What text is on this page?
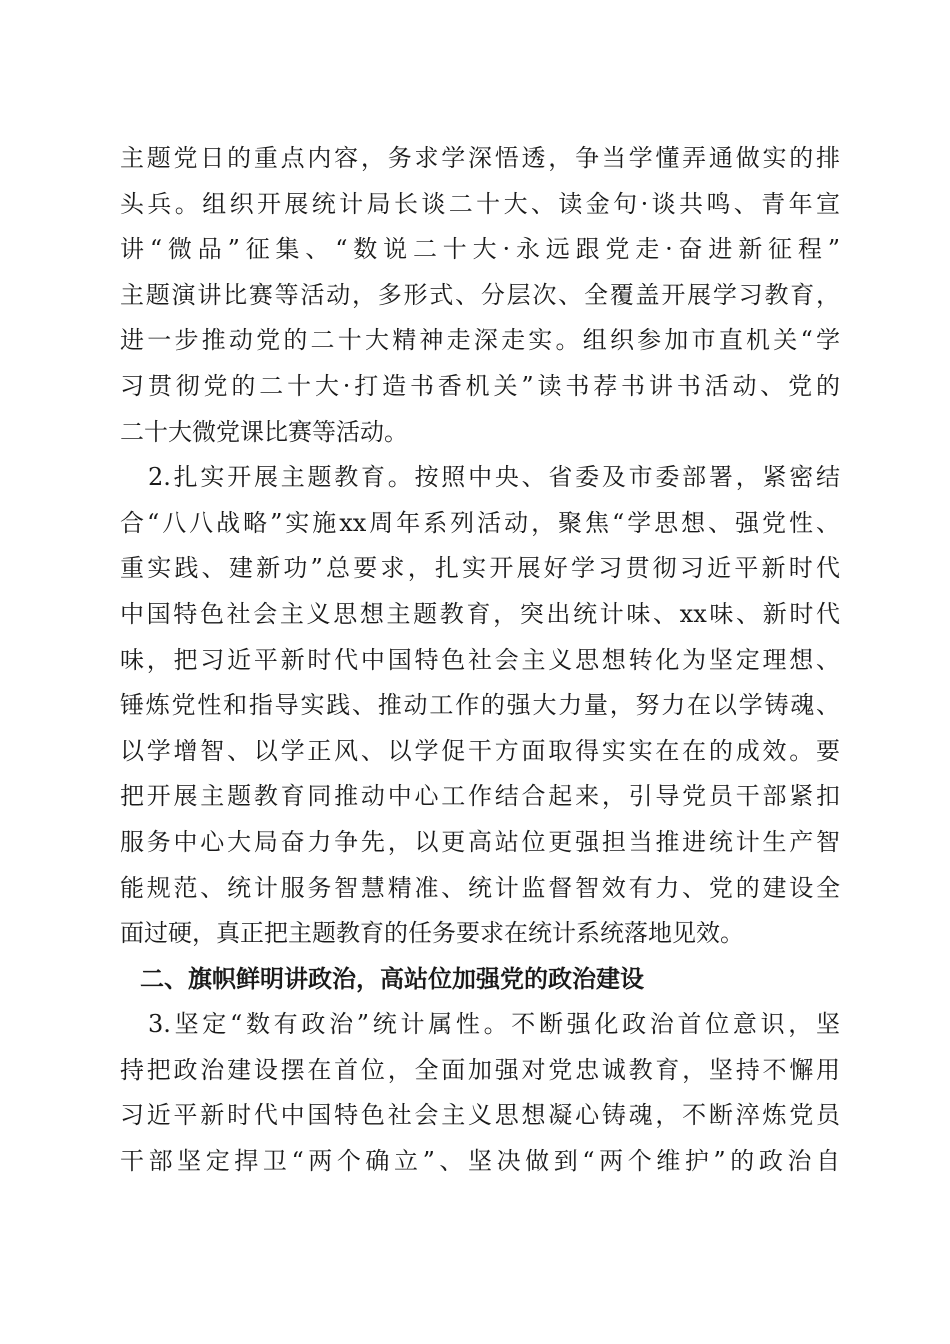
主题党日的重点内容，务求学深悟透，争当学懂弄通做实的排
头兵。组织开展统计局长谈二十大、读金句·谈共鸣、青年宣
讲“微品”征集、“数说二十大·永远跟党走·奋进新征程”
主题演讲比赛等活动，多形式、分层次、全覆盖开展学习教育，
进一步推动党的二十大精神走深走实。组织参加市直机关“学
习贯彻党的二十大·打造书香机关”读书荐书讲书活动、党的
二十大微党课比赛等活动。
2.扎实开展主题教育。按照中央、省委及市委部署，紧密结
合“八八战略”实施xx周年系列活动，聚焦“学思想、强党性、
重实践、建新功”总要求，扎实开展好学习贯彻习近平新时代
中国特色社会主义思想主题教育，突出统计味、xx味、新时代
味，把习近平新时代中国特色社会主义思想转化为坚定理想、
锤炼党性和指导实践、推动工作的强大力量，努力在以学铸魂、
以学增智、以学正风、以学促干方面取得实实在在的成效。要
把开展主题教育同推动中心工作结合起来，引导党员干部紧扣
服务中心大局奋力争先，以更高站位更强担当推进统计生产智
能规范、统计服务智慧精准、统计监督智效有力、党的建设全
面过硬，真正把主题教育的任务要求在统计系统落地见效。
二、旗帜鲜明讲政治，高站位加强党的政治建设
3.坚定“数有政治”统计属性。不断强化政治首位意识，坚
持把政治建设摆在首位，全面加强对党忠诚教育，坚持不懈用
习近平新时代中国特色社会主义思想凝心铸魂，不断淬炼党员
干部坚定捍卫“两个确立”、坚决做到“两个维护”的政治自
